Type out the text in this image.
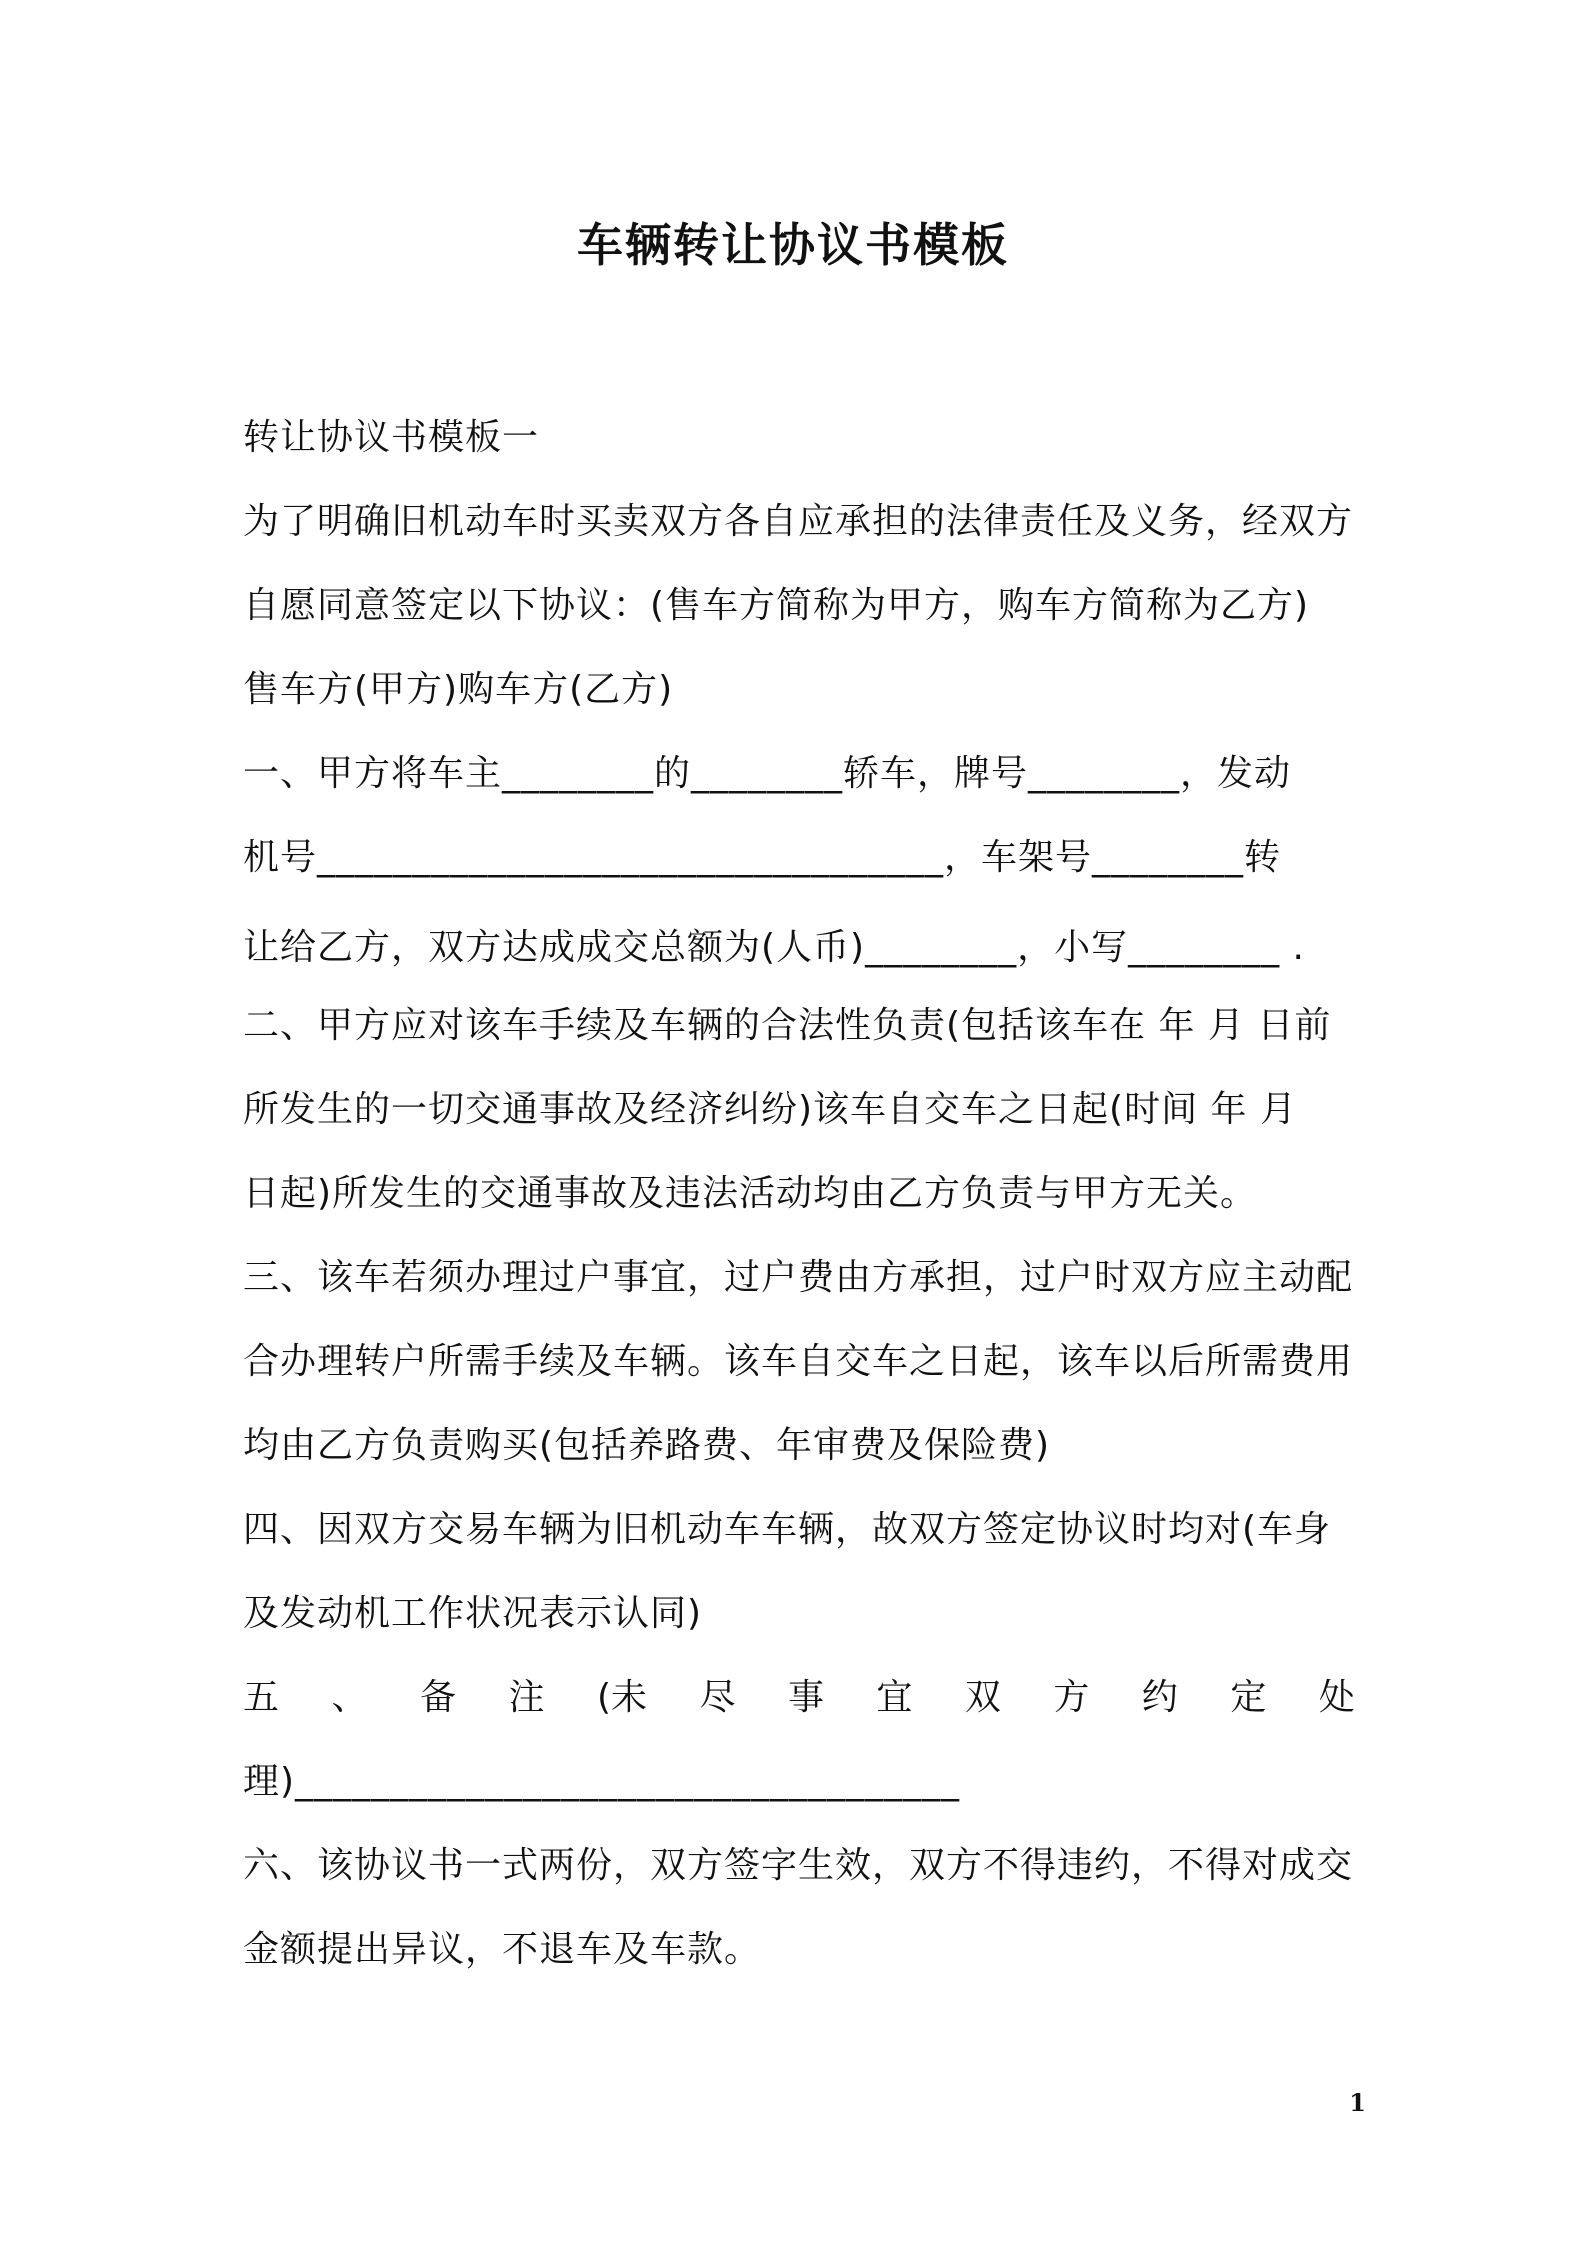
车辆转让协议书模板
转让协议书模板一
为了明确旧机动车时买卖双方各自应承担的法律责任及义务，经双方
自愿同意签定以下协议：(售车方简称为甲方，购车方简称为乙方)
售车方(甲方)购车方(乙方)
一、甲方将车主________的________轿车，牌号________，发动
机号_________________________________，车架号________转
让给乙方，双方达成成交总额为(人币)________，小写________ .
二、甲方应对该车手续及车辆的合法性负责(包括该车在 年 月 日前
所发生的一切交通事故及经济纠纷)该车自交车之日起(时间 年 月
日起)所发生的交通事故及违法活动均由乙方负责与甲方无关。
三、该车若须办理过户事宜，过户费由方承担，过户时双方应主动配
合办理转户所需手续及车辆。该车自交车之日起，该车以后所需费用
均由乙方负责购买(包括养路费、年审费及保险费)
四、因双方交易车辆为旧机动车车辆，故双方签定协议时均对(车身
及发动机工作状况表示认同)
五 、 备 注 (未 尽 事 宜 双 方 约 定 处
理)___________________________________
六、该协议书一式两份，双方签字生效，双方不得违约，不得对成交
金额提出异议，不退车及车款。
1
